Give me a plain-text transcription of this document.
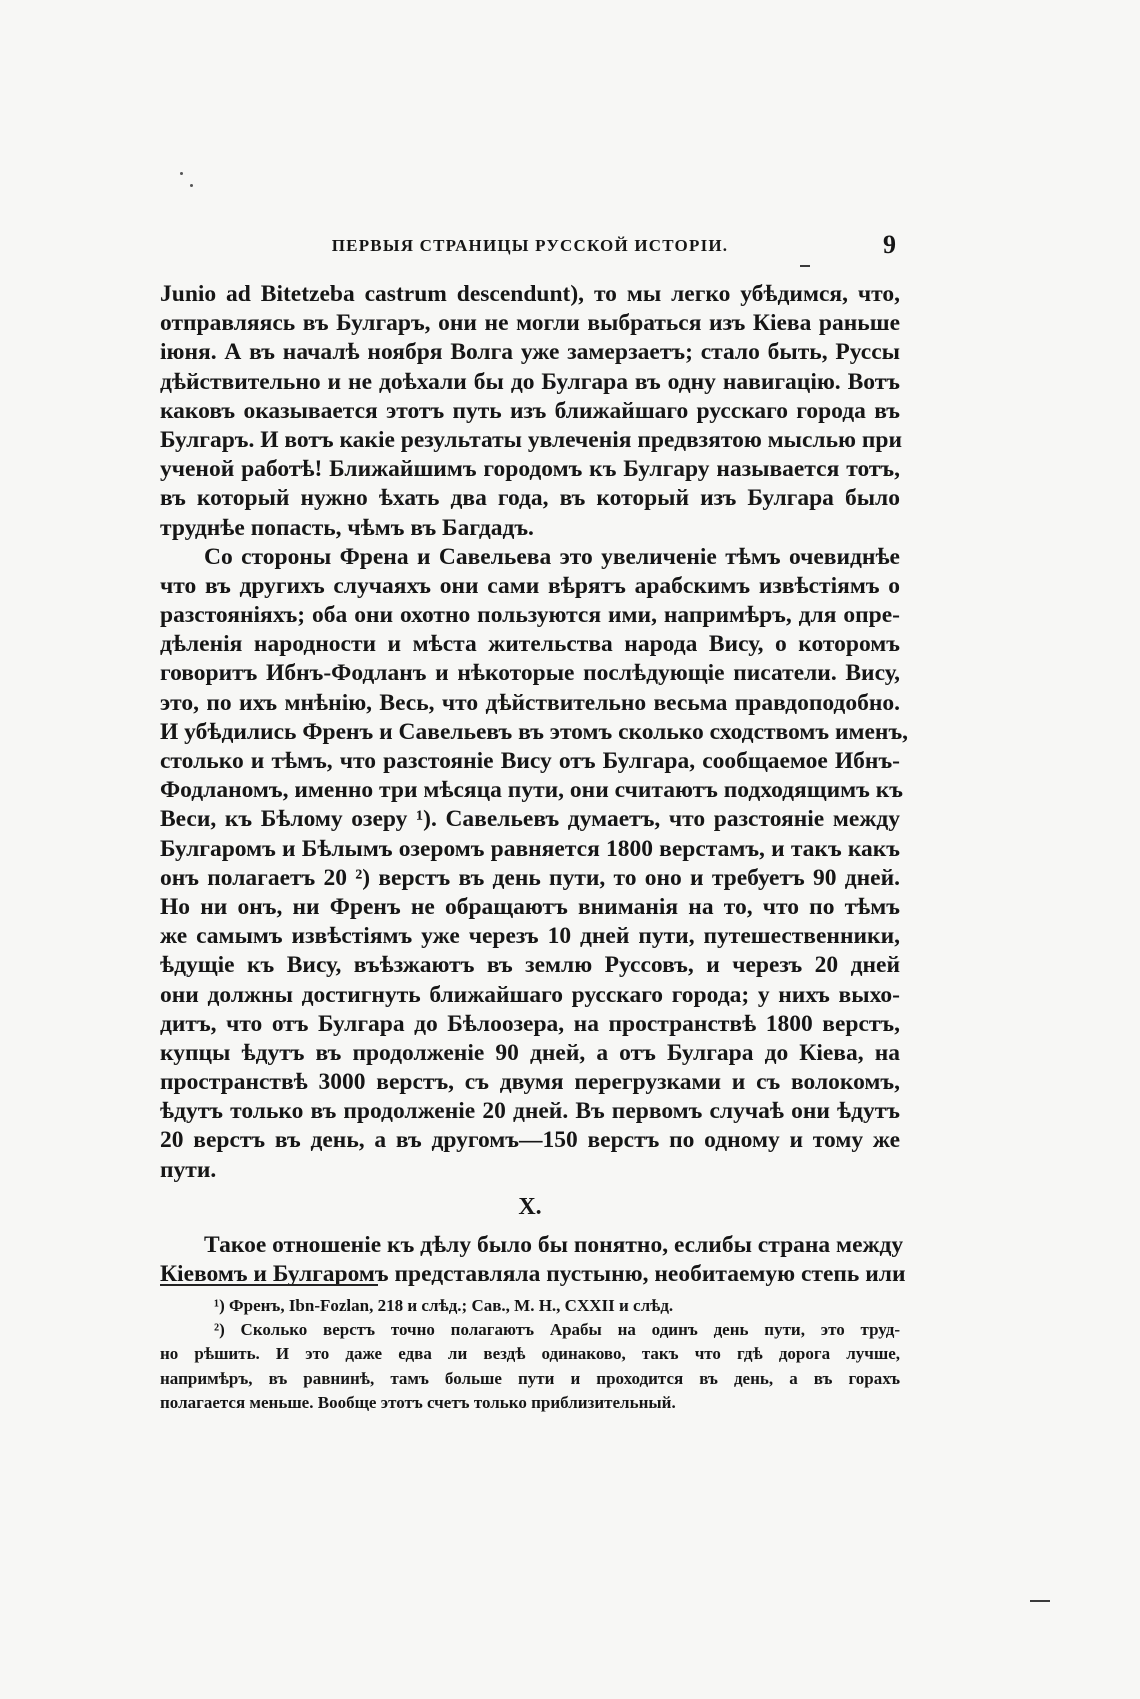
ПЕРВЫЯ СТРАНИЦЫ РУССКОЙ ИСТОРІИ.	9
Junio ad Bitetzeba castrum descendunt), то мы легко убѣдимся, что,
отправляясь въ Булгаръ, они не могли выбраться изъ Кіева раньше
іюня. А въ началѣ ноября Волга уже замерзаетъ; стало быть, Руссы
дѣйствительно и не доѣхали бы до Булгара въ одну навигацію. Вотъ
каковъ оказывается этотъ путь изъ ближайшаго русскаго города въ
Булгаръ. И вотъ какіе результаты увлеченія предвзятою мыслью при
ученой работѣ! Ближайшимъ городомъ къ Булгару называется тотъ,
въ который нужно ѣхать два года, въ который изъ Булгара было
труднѣе попасть, чѣмъ въ Багдадъ.
Со стороны Френа и Савельева это увеличеніе тѣмъ очевиднѣе
что въ другихъ случаяхъ они сами вѣрятъ арабскимъ извѣстіямъ о
разстояніяхъ; оба они охотно пользуются ими, напримѣръ, для опре-
дѣленія народности и мѣста жительства народа Вису, о которомъ
говоритъ Ибнъ-Фодланъ и нѣкоторые послѣдующіе писатели. Вису,
это, по ихъ мнѣнію, Весь, что дѣйствительно весьма правдоподобно.
И убѣдились Френъ и Савельевъ въ этомъ сколько сходствомъ именъ,
столько и тѣмъ, что разстояніе Вису отъ Булгара, сообщаемое Ибнъ-
Фодланомъ, именно три мѣсяца пути, они считаютъ подходящимъ къ
Веси, къ Бѣлому озеру ¹). Савельевъ думаетъ, что разстояніе между
Булгаромъ и Бѣлымъ озеромъ равняется 1800 верстамъ, и такъ какъ
онъ полагаетъ 20 ²) верстъ въ день пути, то оно и требуетъ 90 дней.
Но ни онъ, ни Френъ не обращаютъ вниманія на то, что по тѣмъ
же самымъ извѣстіямъ уже черезъ 10 дней пути, путешественники,
ѣдущіе къ Вису, въѣзжаютъ въ землю Руссовъ, и черезъ 20 дней
они должны достигнуть ближайшаго русскаго города; у нихъ выхо-
дитъ, что отъ Булгара до Бѣлоозера, на пространствѣ 1800 верстъ,
купцы ѣдутъ въ продолженіе 90 дней, а отъ Булгара до Кіева, на
пространствѣ 3000 верстъ, съ двумя перегрузками и съ волокомъ,
ѣдутъ только въ продолженіе 20 дней. Въ первомъ случаѣ они ѣдутъ
20 верстъ въ день, а въ другомъ—150 верстъ по одному и тому же
пути.
X.
Такое отношеніе къ дѣлу было бы понятно, еслибы страна между
Кіевомъ и Булгаромъ представляла пустыню, необитаемую степь или
¹) Френъ, Ibn-Fozlan, 218 и слѣд.; Сав., М. Н., CXXII и слѣд.
²) Сколько верстъ точно полагаютъ Арабы на одинъ день пути, это труд-
но рѣшить. И это даже едва ли вездѣ одинаково, такъ что гдѣ дорога лучше,
напримѣръ, въ равнинѣ, тамъ больше пути и проходится въ день, а въ горахъ
полагается меньше. Вообще этотъ счетъ только приблизительный.
